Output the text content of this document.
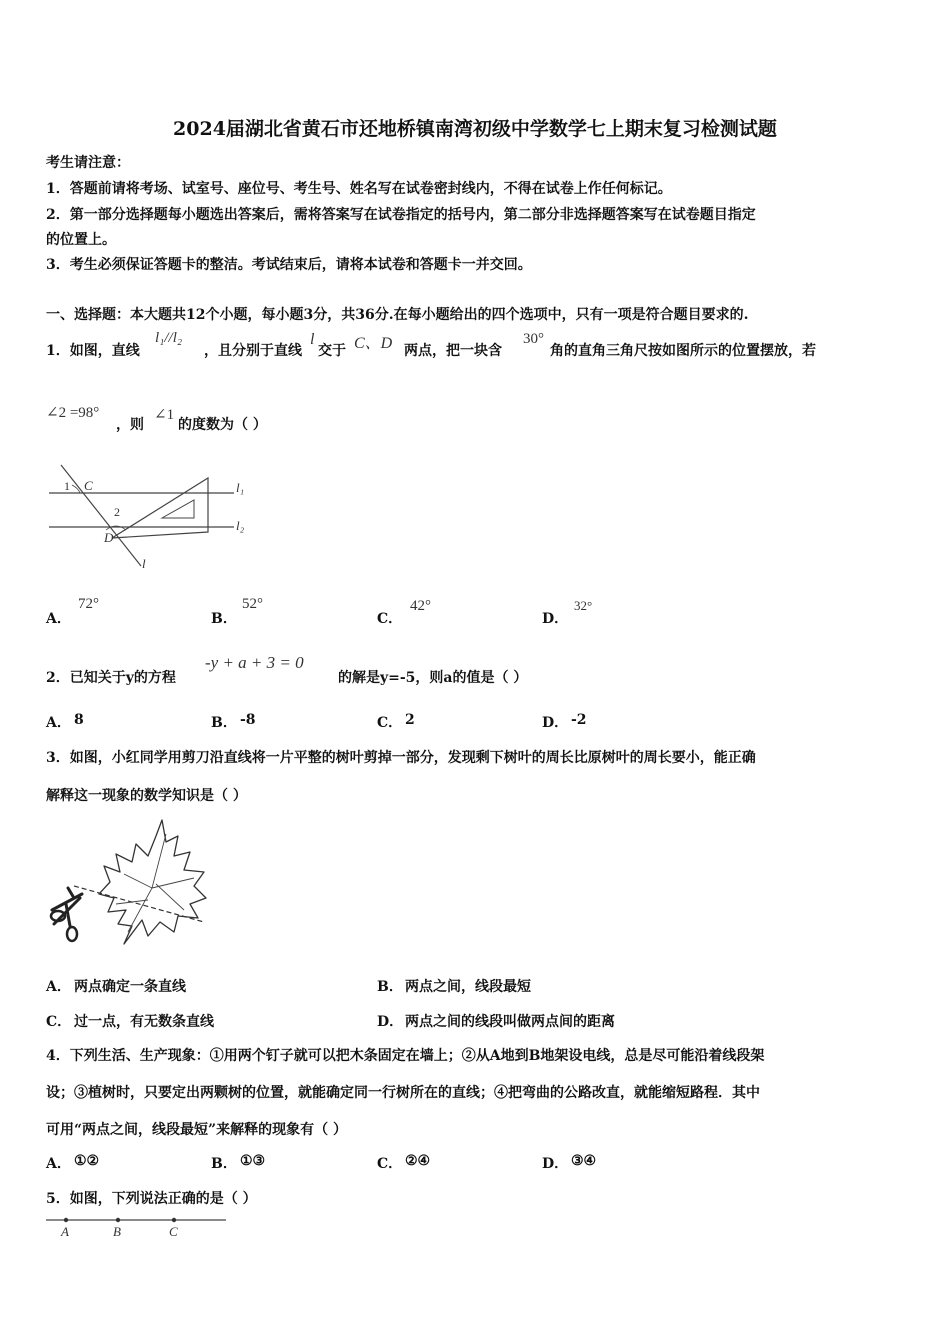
2024届湖北省黄石市还地桥镇南湾初级中学数学七上期末复习检测试题
考生请注意：
1．答题前请将考场、试室号、座位号、考生号、姓名写在试卷密封线内，不得在试卷上作任何标记。
2．第一部分选择题每小题选出答案后，需将答案写在试卷指定的括号内，第二部分非选择题答案写在试卷题目指定
的位置上。
3．考生必须保证答题卡的整洁。考试结束后，请将本试卷和答题卡一并交回。
一、选择题：本大题共12个小题，每小题3分，共36分.在每小题给出的四个选项中，只有一项是符合题目要求的.
1．如图，直线
l₁//l₂
，且分别于直线
l
交于 C、D 两点，把一块含
30°
角的直角三角尺按如图所示的位置摆放，若
∠2 =98°
，则
∠1
的度数为（ ）
1 C
2
D
l
l₁
l₂
A．
72°
B．
52°
C．
42°
D．
32°
2．已知关于y的方程
-y + a + 3 = 0
的解是y=-5，则a的值是（ ）
A． 8	B． -8	C． 2	D． -2
3．如图，小红同学用剪刀沿直线将一片平整的树叶剪掉一部分，发现剩下树叶的周长比原树叶的周长要小，能正确
解释这一现象的数学知识是（ ）
A． 两点确定一条直线	B． 两点之间，线段最短
C． 过一点，有无数条直线	D． 两点之间的线段叫做两点间的距离
4．下列生活、生产现象：①用两个钉子就可以把木条固定在墙上；②从A地到B地架设电线，总是尽可能沿着线段架
设；③植树时，只要定出两颗树的位置，就能确定同一行树所在的直线；④把弯曲的公路改直，就能缩短路程．其中
可用“两点之间，线段最短”来解释的现象有（ ）
A． ①②	B． ①③	C． ②④	D． ③④
5．如图，下列说法正确的是（ ）
A	B	C
